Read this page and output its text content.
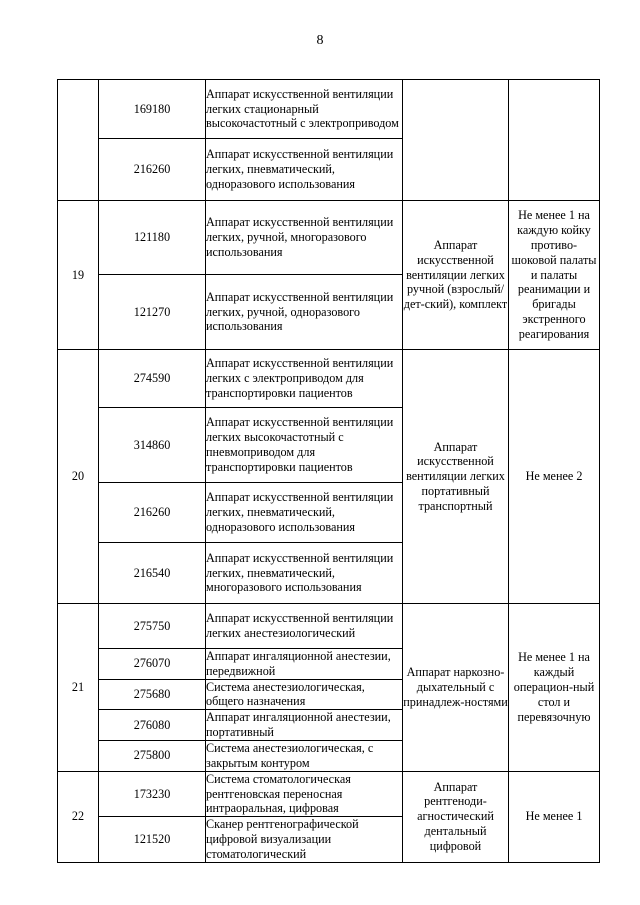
8
	169180	Аппарат искусственной вентиляции легких стационарный высокочастотный с электроприводом		
	216260	Аппарат искусственной вентиляции легких, пневматический, одноразового использования		
19	121180	Аппарат искусственной вентиляции легких, ручной, многоразового использования	Аппарат искусственной вентиляции легких ручной (взрослый/дет-ский), комплект	Не менее 1 на каждую койку противо-шоковой палаты и палаты реанимации и бригады экстренного реагирования
	121270	Аппарат искусственной вентиляции легких, ручной, одноразового использования		
20	274590	Аппарат искусственной вентиляции легких с электроприводом для транспортировки пациентов	Аппарат искусственной вентиляции легких портативный транспортный	Не менее 2
	314860	Аппарат искусственной вентиляции легких высокочастотный с пневмоприводом для транспортировки пациентов		
	216260	Аппарат искусственной вентиляции легких, пневматический, одноразового использования		
	216540	Аппарат искусственной вентиляции легких, пневматический, многоразового использования		
21	275750	Аппарат искусственной вентиляции легких анестезиологический	Аппарат наркозно-дыхательный с принадлеж-ностями	Не менее 1 на каждый операцион-ный стол и перевязочную
	276070	Аппарат ингаляционной анестезии, передвижной		
	275680	Система анестезиологическая, общего назначения		
	276080	Аппарат ингаляционной анестезии, портативный		
	275800	Система анестезиологическая, с закрытым контуром		
22	173230	Система стоматологическая рентгеновская переносная интраоральная, цифровая	Аппарат рентгеноди-агностический дентальный цифровой	Не менее 1
	121520	Сканер рентгенографической цифровой визуализации стоматологический		
